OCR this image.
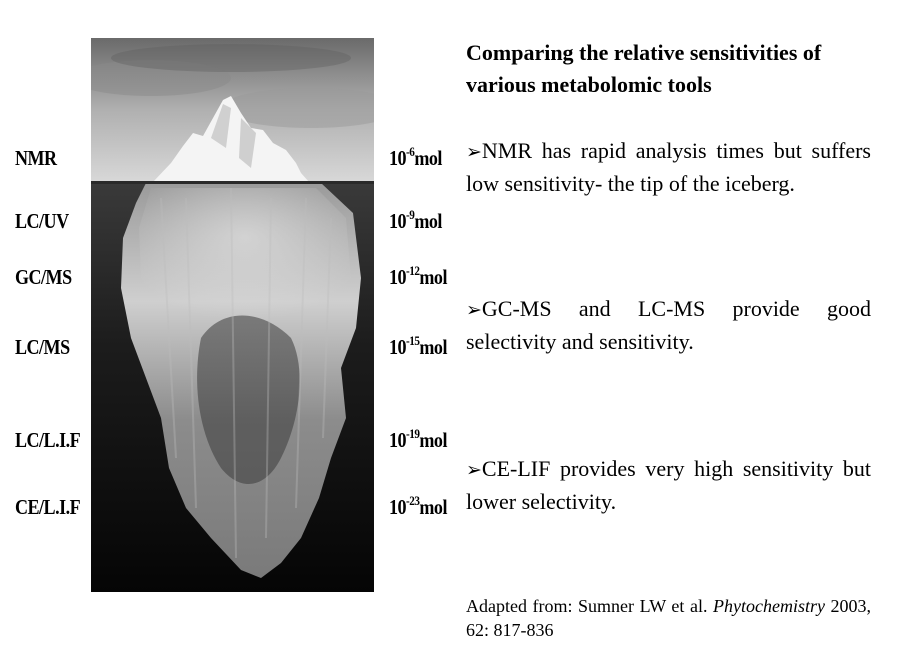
NMR
LC/UV
GC/MS
LC/MS
LC/L.I.F
CE/L.I.F
$10^{-6}mol$
$10^{-9}mol$
$10^{-12}mol$
$10^{-15}mol$
$10^{-19}mol$
$10^{-23}mol$

Comparing the relative sensitivities of various metabolomic tools

➢NMR has rapid analysis times but suffers low sensitivity- the tip of the iceberg.
➢GC-MS and LC-MS provide good selectivity and sensitivity.
➢CE-LIF provides very high sensitivity but lower selectivity.
Adapted from: Sumner LW et al. Phytochemistry 2003, 62: 817-836
